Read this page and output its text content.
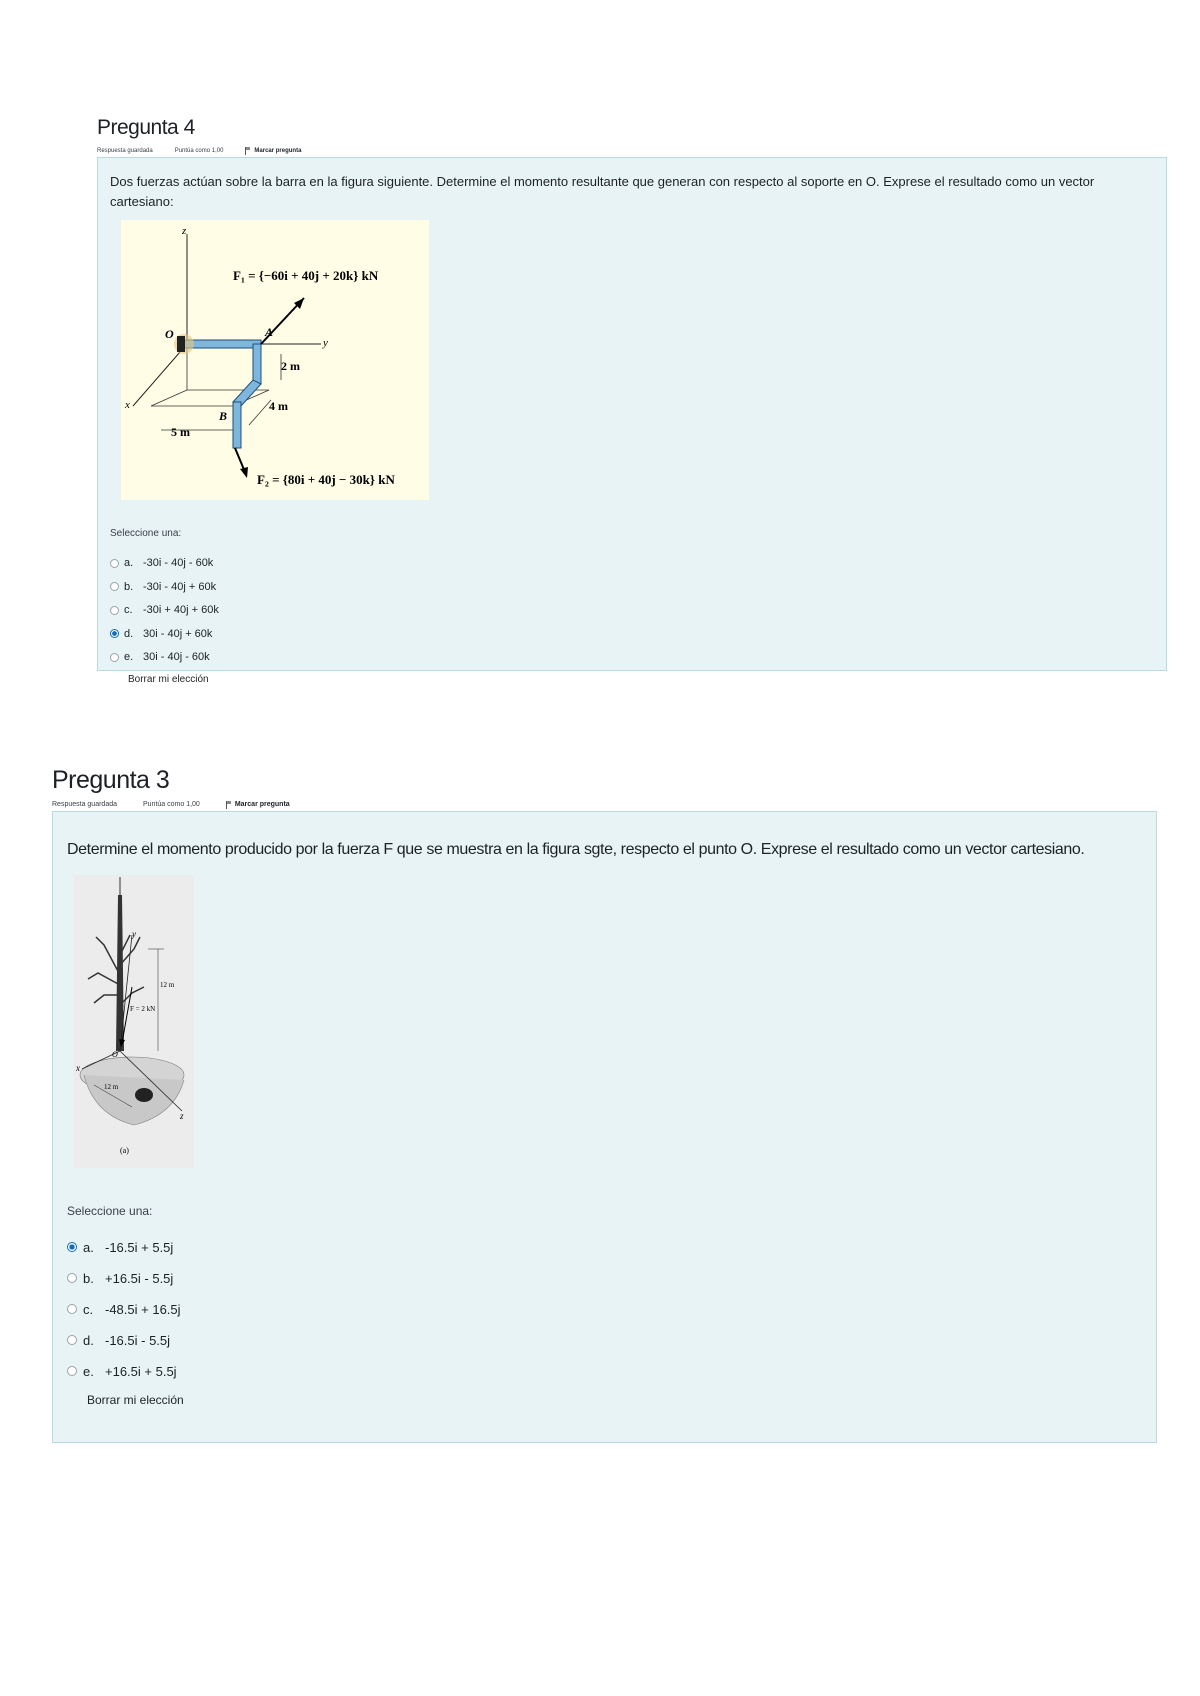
Pregunta 4
Respuesta guardada	Puntúa como 1,00	Marcar pregunta

Dos fuerzas actúan sobre la barra en la figura siguiente. Determine el momento resultante que generan con respecto al soporte en O. Exprese el resultado como un vector cartesiano:

z
y
x
O	A
B
2 m
4 m
5 m
F₁ = {−60i + 40j + 20k} kN
F₂ = {80i + 40j − 30k} kN
Seleccione una:
a. -30i - 40j - 60k
b. -30i - 40j + 60k
c. -30i + 40j + 60k
d. 30i - 40j + 60k
e. 30i - 40j - 60k
Borrar mi elección
Pregunta 3
Respuesta guardada	Puntúa como 1,00	Marcar pregunta

Determine el momento producido por la fuerza F que se muestra en la figura sgte, respecto el punto O. Exprese el resultado como un vector cartesiano.

y
x
z
O
F = 2 kN
12 m
12 m
(a)
Seleccione una:
a. -16.5i + 5.5j
b. +16.5i - 5.5j
c. -48.5i + 16.5j
d. -16.5i - 5.5j
e. +16.5i + 5.5j
Borrar mi elección
